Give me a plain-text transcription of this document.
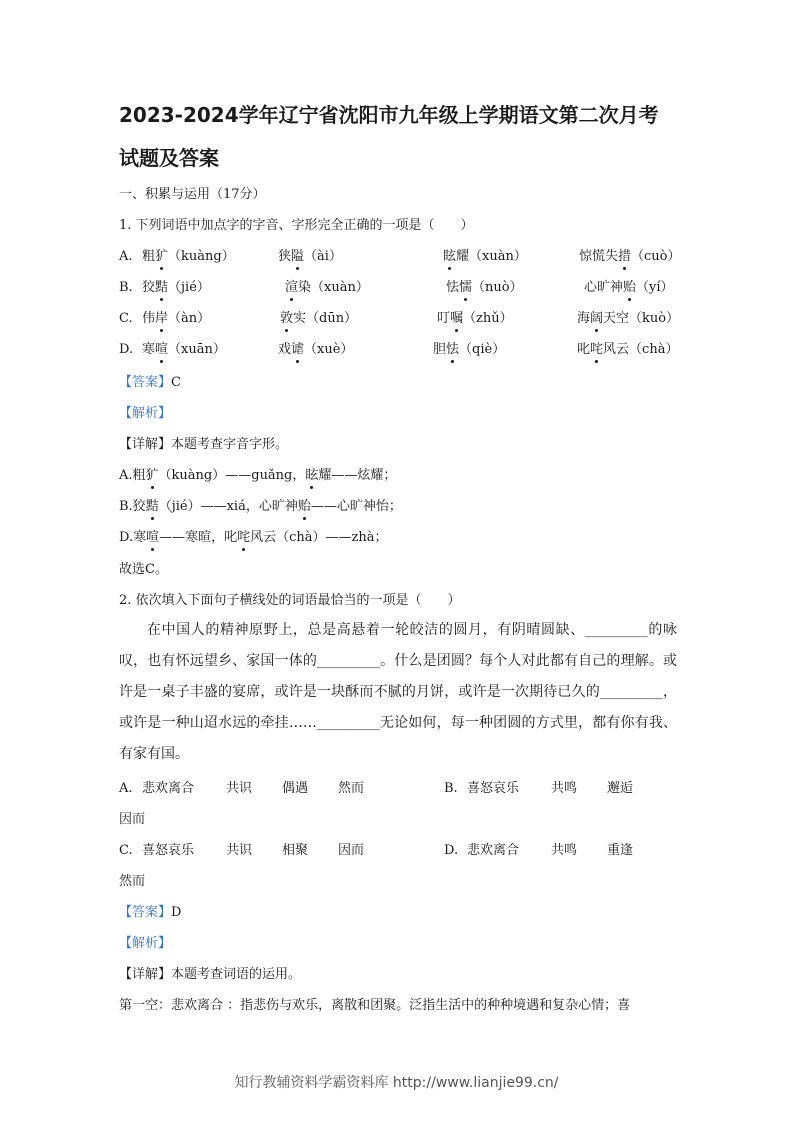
2023-2024学年辽宁省沈阳市九年级上学期语文第二次月考
试题及答案
一、积累与运用（17分）
1. 下列词语中加点字的字音、字形完全正确的一项是（　　）
A. 粗犷（kuàng）	狭隘（ài）	眩耀（xuàn）	惊慌失措（cuò）
B. 狡黠（jié）	渲染（xuàn）	怯懦（nuò）	心旷神贻（yí）
C. 伟岸（àn）	敦实（dūn）	叮嘱（zhǔ）	海阔天空（kuò）
D. 寒喧（xuān）	戏谑（xuè）	胆怯（qiè）	叱咤风云（chà）
【答案】C
【解析】
【详解】本题考查字音字形。
A.粗犷（kuàng）——guǎng，眩耀——炫耀；
B.狡黠（jié）——xiá，心旷神贻——心旷神怡；
D.寒喧——寒暄，叱咤风云（chà）——zhà；
故选C。
2. 依次填入下面句子横线处的词语最恰当的一项是（　　）

在中国人的精神原野上，总是高悬着一轮皎洁的圆月，有阴晴圆缺、_________的咏叹，也有怀远望乡、家国一体的_________。什么是团圆？每个人对此都有自己的理解。或许是一桌子丰盛的宴席，或许是一块酥而不腻的月饼，或许是一次期待已久的_________，或许是一种山迢水远的牵挂……_________无论如何，每一种团圆的方式里，都有你有我、有家有国。

A. 悲欢离合 共识 偶遇 然而	B. 喜怒哀乐 共鸣 邂逅
因而
C. 喜怒哀乐 共识 相聚 因而	D. 悲欢离合 共鸣 重逢
然而
【答案】D
【解析】
【详解】本题考查词语的运用。
第一空：悲欢离合 ：指悲伤与欢乐，离散和团聚。泛指生活中的种种境遇和复杂心情；喜
知行教辅资料学霸资料库 http://www.lianjie99.cn/
